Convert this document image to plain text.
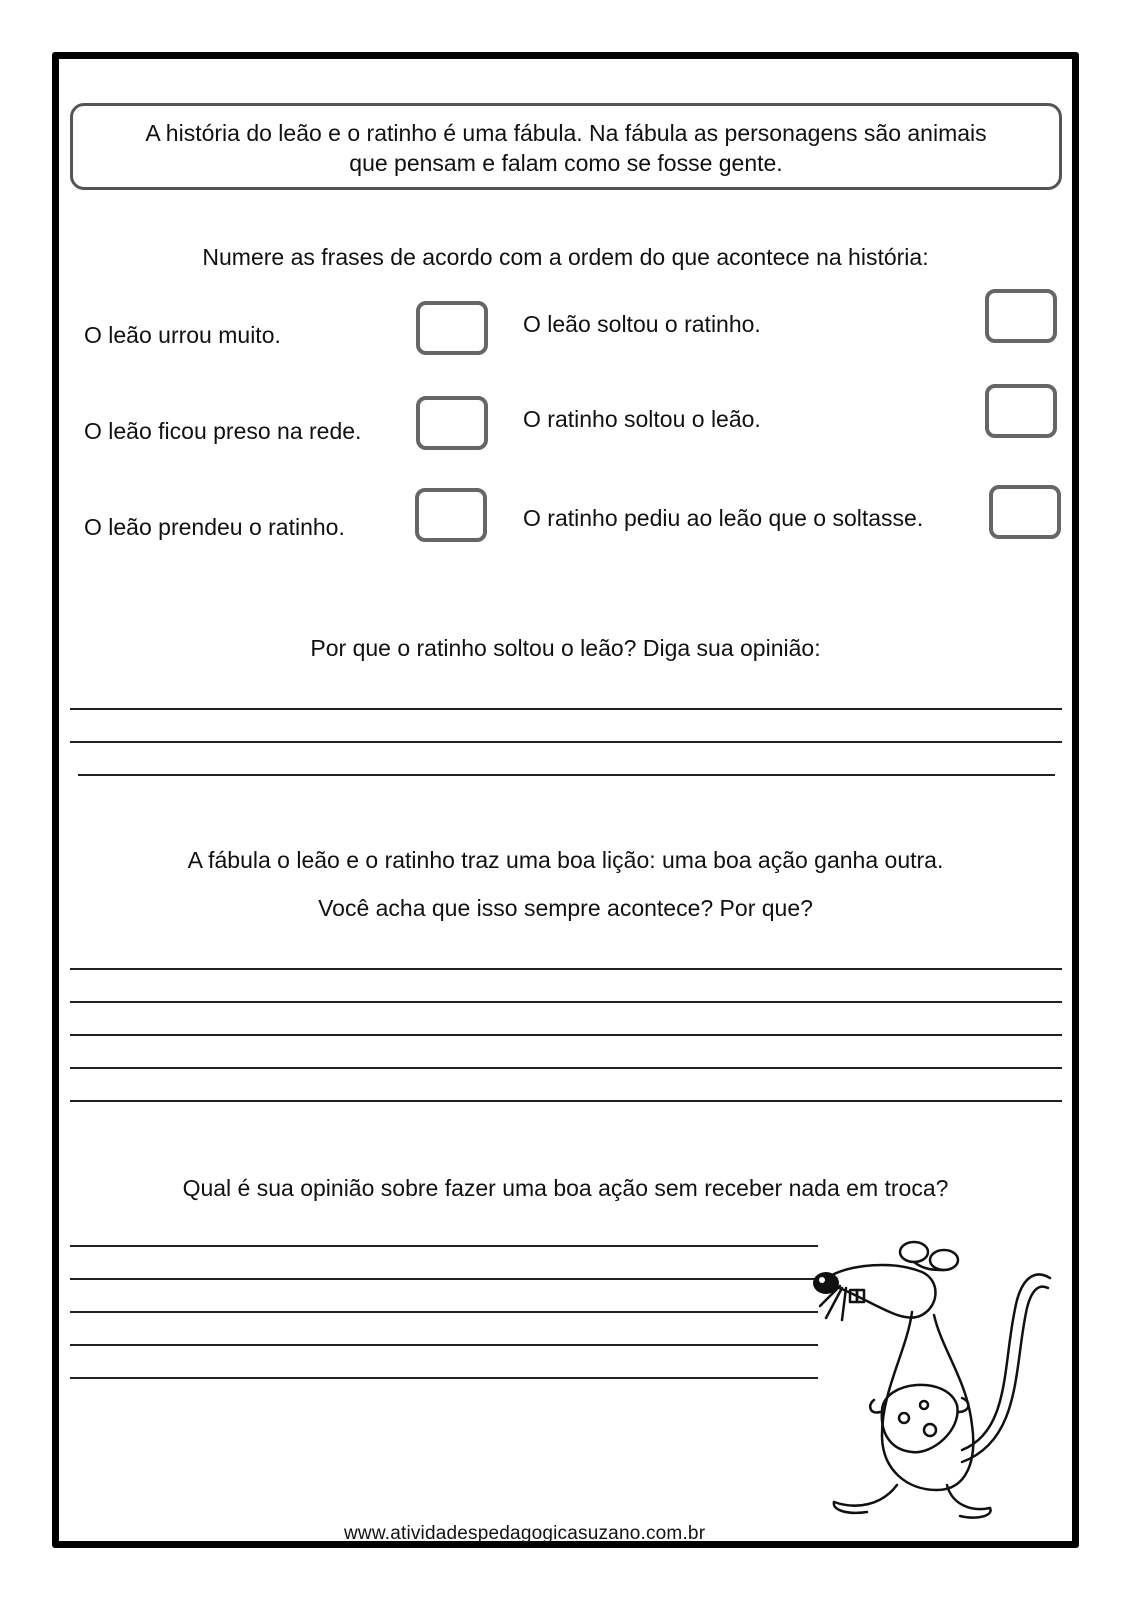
A história do leão e o ratinho é uma fábula. Na fábula as personagens são animais
que pensam e falam como se fosse gente.
Numere as frases de acordo com a ordem do que acontece na história:
O leão urrou muito.
O leão ficou preso na rede.
O leão prendeu o ratinho.
O leão soltou o ratinho.
O ratinho soltou o leão.
O ratinho pediu ao leão que o soltasse.
Por que o ratinho soltou o leão? Diga sua opinião:
A fábula o leão e o ratinho traz uma boa lição: uma boa ação ganha outra.
Você acha que isso sempre acontece? Por que?
Qual é sua opinião sobre fazer uma boa ação sem receber nada em troca?
www.atividadespedagogicasuzano.com.br
